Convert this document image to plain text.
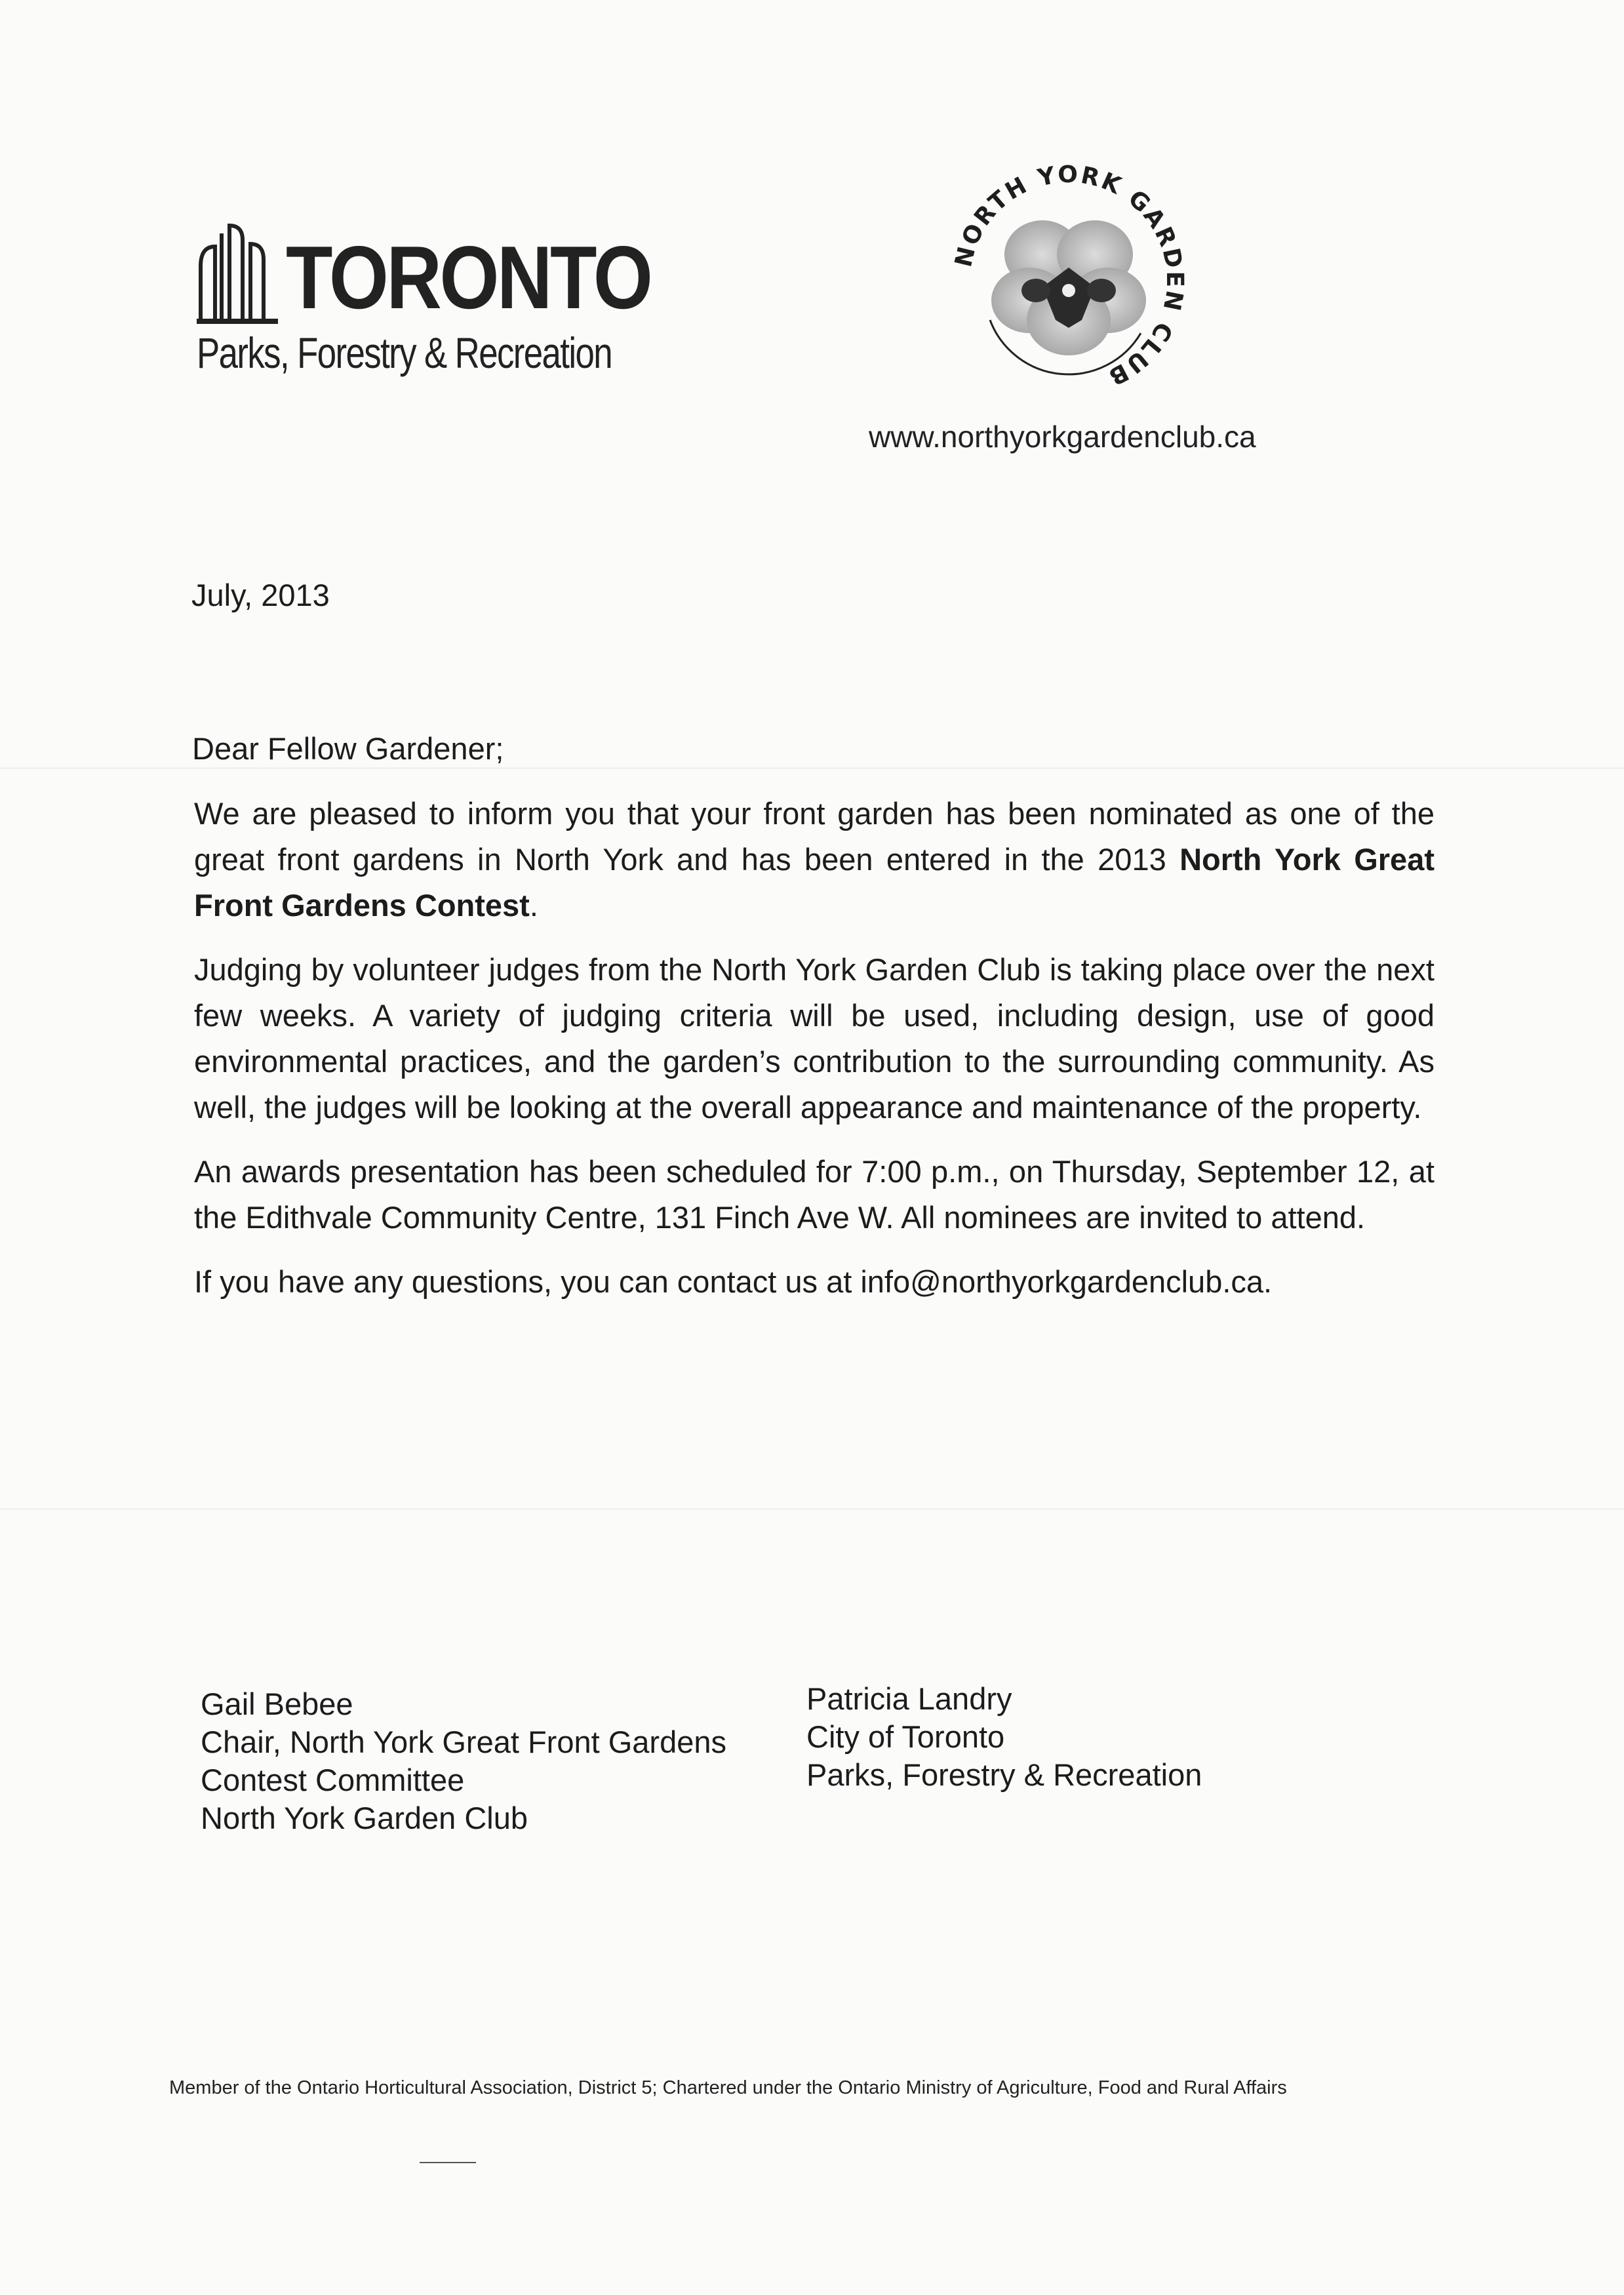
TORONTO
Parks, Forestry & Recreation
NORTH YORK GARDEN CLUB
www.northyorkgardenclub.ca
July, 2013
Dear Fellow Gardener;

We are pleased to inform you that your front garden has been nominated as one of the great front gardens in North York and has been entered in the 2013 North York Great Front Gardens Contest.

Judging by volunteer judges from the North York Garden Club is taking place over the next few weeks. A variety of judging criteria will be used, including design, use of good environmental practices, and the garden’s contribution to the surrounding community. As well, the judges will be looking at the overall appearance and maintenance of the property.

An awards presentation has been scheduled for 7:00 p.m., on Thursday, September 12, at the Edithvale Community Centre, 131 Finch Ave W. All nominees are invited to attend.

If you have any questions, you can contact us at info@northyorkgardenclub.ca.

Gail Bebee
Chair, North York Great Front Gardens
Contest Committee
North York Garden Club
Patricia Landry
City of Toronto
Parks, Forestry & Recreation
Member of the Ontario Horticultural Association, District 5; Chartered under the Ontario Ministry of Agriculture, Food and Rural Affairs
